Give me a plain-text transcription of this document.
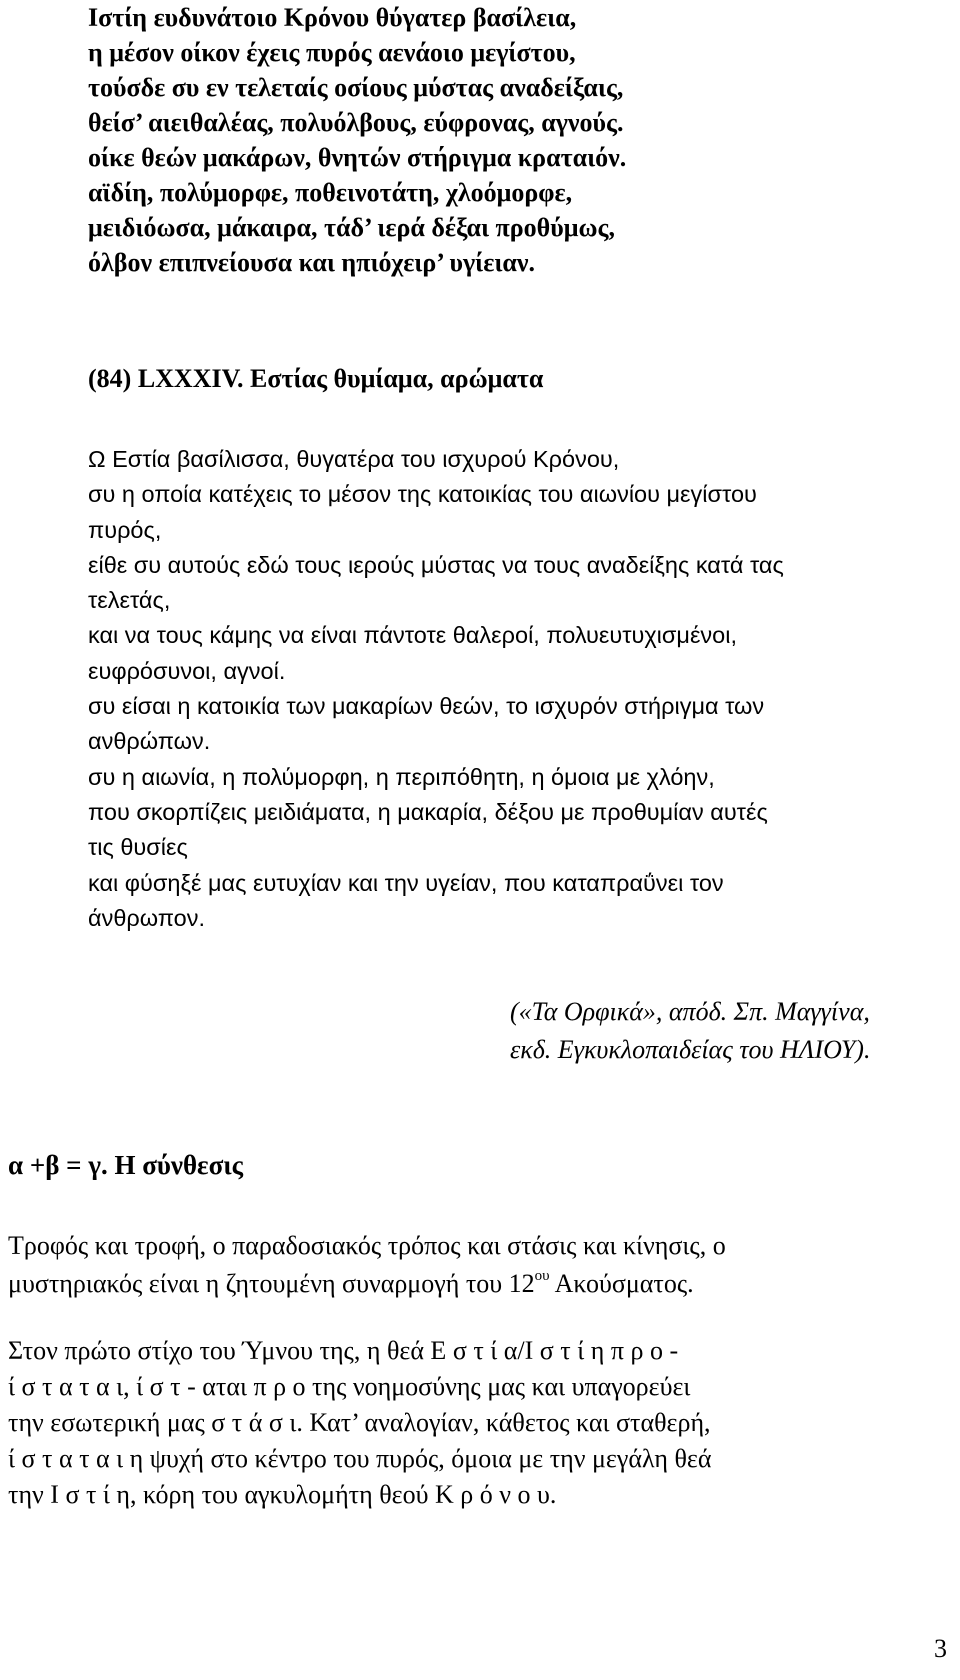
Ιστίη ευδυνάτοιο Κρόνου θύγατερ βασίλεια,
η μέσον οίκον έχεις πυρός αενάοιο μεγίστου,
τούσδε συ εν τελεταίς οσίους μύστας αναδείξαις,
θείσ’ αιειθαλέας, πολυόλβους, εύφρονας, αγνούς.
οίκε θεών μακάρων, θνητών στήριγμα κραταιόν.
αϊδίη, πολύμορφε, ποθεινοτάτη, χλοόμορφε,
μειδιόωσα, μάκαιρα, τάδ’ ιερά δέξαι προθύμως,
όλβον επιπνείουσα και ηπιόχειρ’ υγίειαν.
(84) LXXXIV. Εστίας θυμίαμα, αρώματα
Ω Εστία βασίλισσα, θυγατέρα του ισχυρού Κρόνου,
συ η οποία κατέχεις το μέσον της κατοικίας του αιωνίου μεγίστου
πυρός,
είθε συ αυτούς εδώ τους ιερούς μύστας να τους αναδείξης κατά τας
τελετάς,
και να τους κάμης να είναι πάντοτε θαλεροί, πολυευτυχισμένοι,
ευφρόσυνοι, αγνοί.
συ είσαι η κατοικία των μακαρίων θεών, το ισχυρόν στήριγμα των
ανθρώπων.
συ η αιωνία, η πολύμορφη, η περιπόθητη, η όμοια με χλόην,
που σκορπίζεις μειδιάματα, η μακαρία, δέξου με προθυμίαν αυτές
τις θυσίες
και φύσηξέ μας ευτυχίαν και την υγείαν, που καταπραΰνει τον
άνθρωπον.
(«Τα Ορφικά», απόδ. Σπ. Μαγγίνα,
εκδ. Εγκυκλοπαιδείας του ΗΛΙΟΥ).
α +β = γ. Η σύνθεσις
Τροφός και τροφή, ο παραδοσιακός τρόπος και στάσις και κίνησις, ο
μυστηριακός είναι η ζητουμένη συναρμογή του $12^{o\upsilon}$ Ακούσματος.
Στον πρώτο στίχο του Ύμνου της, η θεά Ε σ τ ί α/Ι σ τ ί η π ρ ο -
ί σ τ α τ α ι, ί σ τ - αται π ρ ο της νοημοσύνης μας και υπαγορεύει
την εσωτερική μας σ τ ά σ ι. Κατ’ αναλογίαν, κάθετος και σταθερή,
ί σ τ α τ α ι η ψυχή στο κέντρο του πυρός, όμοια με την μεγάλη θεά
την Ι σ τ ί η, κόρη του αγκυλομήτη θεού Κ ρ ό ν ο υ.
3
